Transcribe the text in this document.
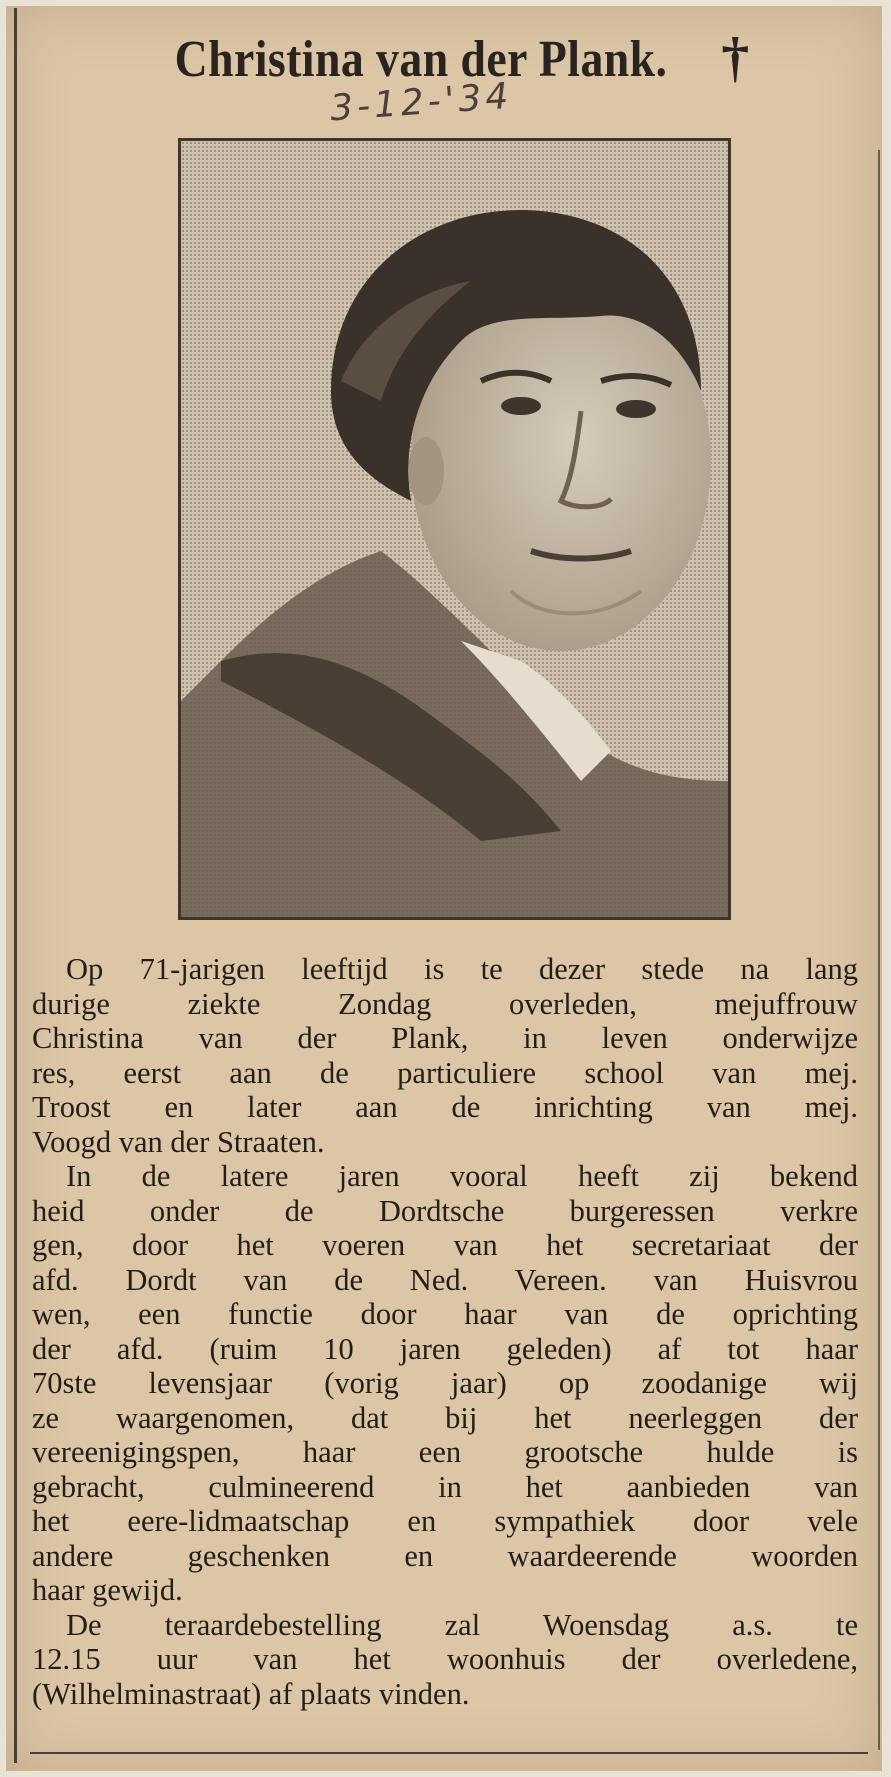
Christina van der Plank. †
3-12-'34

Op 71-jarigen leeftijd is te dezer stede na lang
durige ziekte Zondag overleden, mejuffrouw
Christina van der Plank, in leven onderwijze
res, eerst aan de particuliere school van mej.
Troost en later aan de inrichting van mej.
Voogd van der Straaten.

In de latere jaren vooral heeft zij bekend
heid onder de Dordtsche burgeressen verkre
gen, door het voeren van het secretariaat der
afd. Dordt van de Ned. Vereen. van Huisvrou
wen, een functie door haar van de oprichting
der afd. (ruim 10 jaren geleden) af tot haar
70ste levensjaar (vorig jaar) op zoodanige wij
ze waargenomen, dat bij het neerleggen der
vereenigingspen, haar een grootsche hulde is
gebracht, culmineerend in het aanbieden van
het eere-lidmaatschap en sympathiek door vele
andere geschenken en waardeerende woorden
haar gewijd.

De teraardebestelling zal Woensdag a.s. te
12.15 uur van het woonhuis der overledene,
(Wilhelminastraat) af plaats vinden.
